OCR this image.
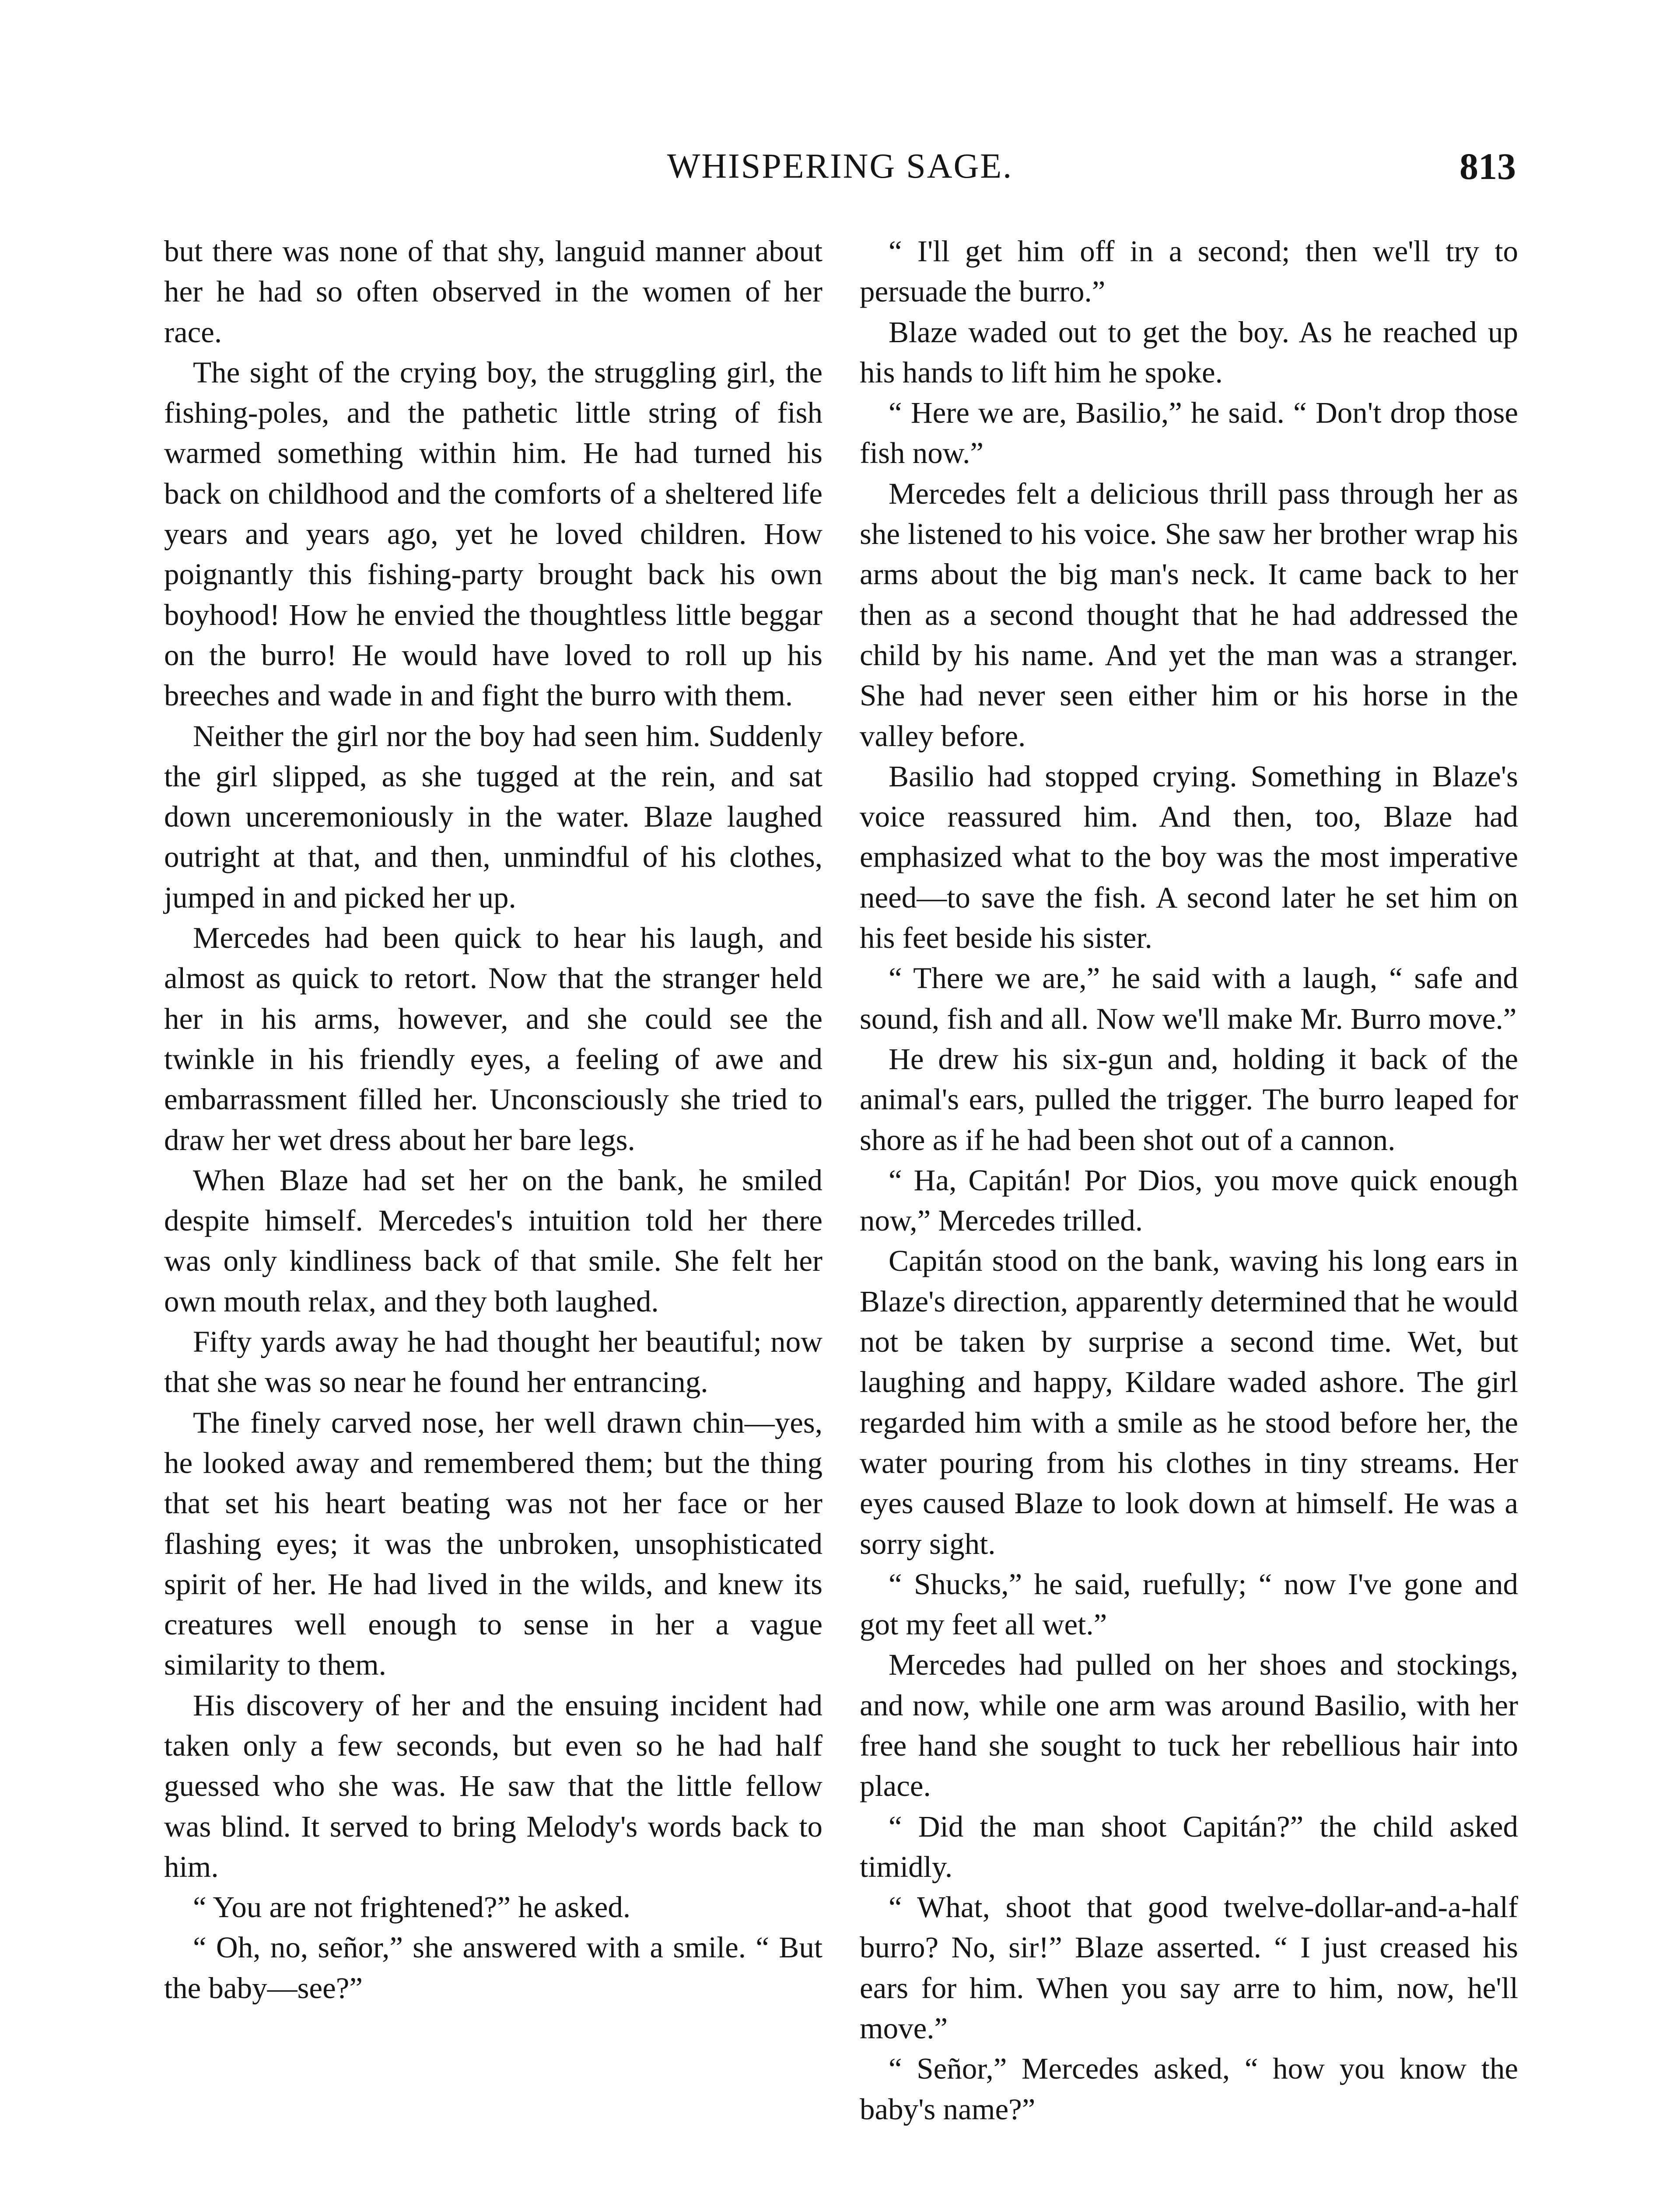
WHISPERING SAGE.	813

but there was none of that shy, languid manner about her he had so often observed in the women of her race.

The sight of the crying boy, the struggling girl, the fishing-poles, and the pathetic little string of fish warmed something within him. He had turned his back on childhood and the comforts of a sheltered life years and years ago, yet he loved children. How poignantly this fishing-party brought back his own boyhood! How he envied the thoughtless little beggar on the burro! He would have loved to roll up his breeches and wade in and fight the burro with them.

Neither the girl nor the boy had seen him. Suddenly the girl slipped, as she tugged at the rein, and sat down unceremoniously in the water. Blaze laughed outright at that, and then, unmindful of his clothes, jumped in and picked her up.

Mercedes had been quick to hear his laugh, and almost as quick to retort. Now that the stranger held her in his arms, however, and she could see the twinkle in his friendly eyes, a feeling of awe and embarrassment filled her. Unconsciously she tried to draw her wet dress about her bare legs.

When Blaze had set her on the bank, he smiled despite himself. Mercedes's intuition told her there was only kindliness back of that smile. She felt her own mouth relax, and they both laughed.

Fifty yards away he had thought her beautiful; now that she was so near he found her entrancing.

The finely carved nose, her well drawn chin—yes, he looked away and remembered them; but the thing that set his heart beating was not her face or her flashing eyes; it was the unbroken, unsophisticated spirit of her. He had lived in the wilds, and knew its creatures well enough to sense in her a vague similarity to them.

His discovery of her and the ensuing incident had taken only a few seconds, but even so he had half guessed who she was. He saw that the little fellow was blind. It served to bring Melody's words back to him.

“ You are not frightened?” he asked.

“ Oh, no, señor,” she answered with a smile. “ But the baby—see?”

“ I'll get him off in a second; then we'll try to persuade the burro.”

Blaze waded out to get the boy. As he reached up his hands to lift him he spoke.

“ Here we are, Basilio,” he said. “ Don't drop those fish now.”

Mercedes felt a delicious thrill pass through her as she listened to his voice. She saw her brother wrap his arms about the big man's neck. It came back to her then as a second thought that he had addressed the child by his name. And yet the man was a stranger. She had never seen either him or his horse in the valley before.

Basilio had stopped crying. Something in Blaze's voice reassured him. And then, too, Blaze had emphasized what to the boy was the most imperative need—to save the fish. A second later he set him on his feet beside his sister.

“ There we are,” he said with a laugh, “ safe and sound, fish and all. Now we'll make Mr. Burro move.”

He drew his six-gun and, holding it back of the animal's ears, pulled the trigger. The burro leaped for shore as if he had been shot out of a cannon.

“ Ha, Capitán! Por Dios, you move quick enough now,” Mercedes trilled.

Capitán stood on the bank, waving his long ears in Blaze's direction, apparently determined that he would not be taken by surprise a second time. Wet, but laughing and happy, Kildare waded ashore. The girl regarded him with a smile as he stood before her, the water pouring from his clothes in tiny streams. Her eyes caused Blaze to look down at himself. He was a sorry sight.

“ Shucks,” he said, ruefully; “ now I've gone and got my feet all wet.”

Mercedes had pulled on her shoes and stockings, and now, while one arm was around Basilio, with her free hand she sought to tuck her rebellious hair into place.

“ Did the man shoot Capitán?” the child asked timidly.

“ What, shoot that good twelve-dollar-and-a-half burro? No, sir!” Blaze asserted. “ I just creased his ears for him. When you say arre to him, now, he'll move.”

“ Señor,” Mercedes asked, “ how you know the baby's name?”
